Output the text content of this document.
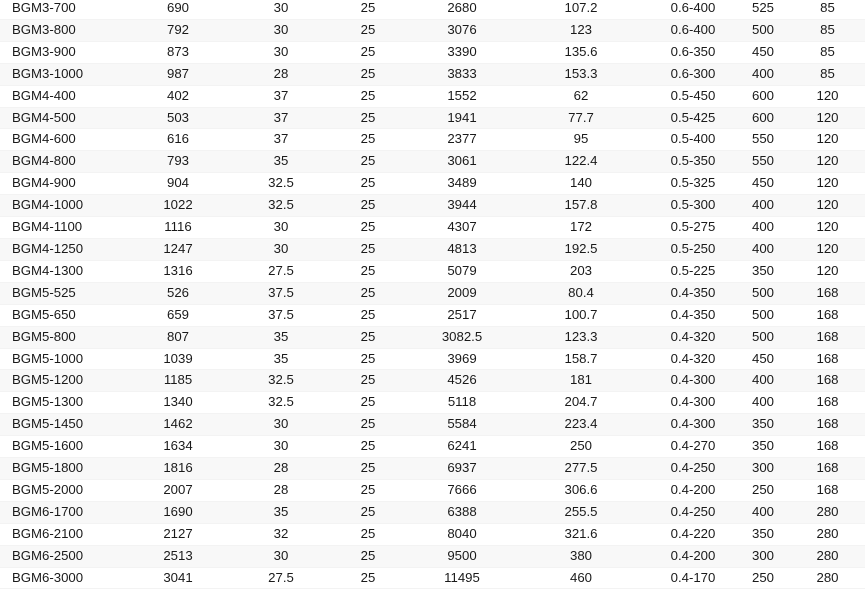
BGM3-700	690	30	25	2680	107.2	0.6-400	525	85
BGM3-800	792	30	25	3076	123	0.6-400	500	85
BGM3-900	873	30	25	3390	135.6	0.6-350	450	85
BGM3-1000	987	28	25	3833	153.3	0.6-300	400	85
BGM4-400	402	37	25	1552	62	0.5-450	600	120
BGM4-500	503	37	25	1941	77.7	0.5-425	600	120
BGM4-600	616	37	25	2377	95	0.5-400	550	120
BGM4-800	793	35	25	3061	122.4	0.5-350	550	120
BGM4-900	904	32.5	25	3489	140	0.5-325	450	120
BGM4-1000	1022	32.5	25	3944	157.8	0.5-300	400	120
BGM4-1100	1116	30	25	4307	172	0.5-275	400	120
BGM4-1250	1247	30	25	4813	192.5	0.5-250	400	120
BGM4-1300	1316	27.5	25	5079	203	0.5-225	350	120
BGM5-525	526	37.5	25	2009	80.4	0.4-350	500	168
BGM5-650	659	37.5	25	2517	100.7	0.4-350	500	168
BGM5-800	807	35	25	3082.5	123.3	0.4-320	500	168
BGM5-1000	1039	35	25	3969	158.7	0.4-320	450	168
BGM5-1200	1185	32.5	25	4526	181	0.4-300	400	168
BGM5-1300	1340	32.5	25	5118	204.7	0.4-300	400	168
BGM5-1450	1462	30	25	5584	223.4	0.4-300	350	168
BGM5-1600	1634	30	25	6241	250	0.4-270	350	168
BGM5-1800	1816	28	25	6937	277.5	0.4-250	300	168
BGM5-2000	2007	28	25	7666	306.6	0.4-200	250	168
BGM6-1700	1690	35	25	6388	255.5	0.4-250	400	280
BGM6-2100	2127	32	25	8040	321.6	0.4-220	350	280
BGM6-2500	2513	30	25	9500	380	0.4-200	300	280
BGM6-3000	3041	27.5	25	11495	460	0.4-170	250	280
